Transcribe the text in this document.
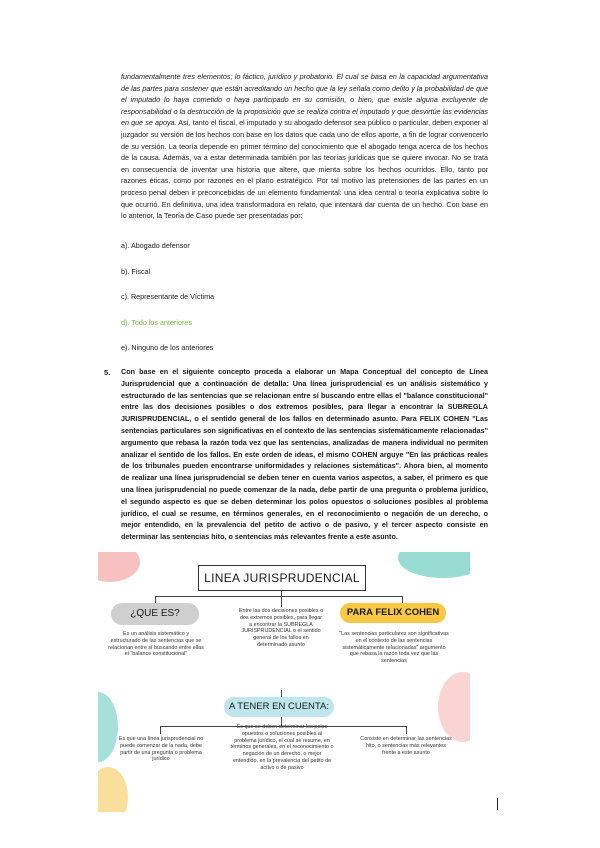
fundamentalmente tres elementos; lo fáctico, jurídico y probatorio. El cual se basa en la capacidad argumentativa de las partes para sostener que están acreditando un hecho que la ley señala como delito y la probabilidad de que el imputado lo haya cometido o haya participado en su comisión, o bien, que existe alguna excluyente de responsabilidad o la destrucción de la proposición que se realiza contra el imputado y que desvirtúe las evidencias en que se apoya. Así, tanto el fiscal, el imputado y su abogado defensor sea público o particular, deben exponer al juzgador su versión de los hechos con base en los datos que cada uno de ellos aporte, a fin de lograr convencerlo de su versión. La teoría depende en primer término del conocimiento que el abogado tenga acerca de los hechos de la causa. Además, va a estar determinada también por las teorías jurídicas que se quiere invocar. No se trata en consecuencia de inventar una historia que altere, que mienta sobre los hechos ocurridos. Ello, tanto por razones éticas, como por razones en el plano estratégico. Por tal motivo las pretensiones de las partes en un proceso penal deben ir preconcebidas de un elemento fundamental: una idea central o teoría explicativa sobre lo que ocurrió. En definitiva, una idea transformadora en relato, que intentará dar cuenta de un hecho. Con base en lo anterior, la Teoría de Caso puede ser presentadas por:

a). Abogado defensor

b). Fiscal

c). Representante de Víctima

d). Todo los anteriores

e). Ninguno de los anteriores

5. Con base en el siguiente concepto proceda a elaborar un Mapa Conceptual del concepto de Línea Jurisprudencial que a continuación de detalla: Una línea jurisprudencial es un análisis sistemático y estructurado de las sentencias que se relacionan entre sí buscando entre ellas el "balance constitucional" entre las dos decisiones posibles o dos extremos posibles, para llegar a encontrar la SUBREGLA JURISPRUDENCIAL, o el sentido general de los fallos en determinado asunto. Para FELIX COHEN "Las sentencias particulares son significativas en el contexto de las sentencias sistemáticamente relacionadas" argumento que rebasa la razón toda vez que las sentencias, analizadas de manera individual no permiten analizar el sentido de los fallos. En este orden de ideas, el mismo COHEN arguye "En las prácticas reales de los tribunales pueden encontrarse uniformidades y relaciones sistemáticas". Ahora bien, al momento de realizar una línea jurisprudencial se deben tener en cuenta varios aspectos, a saber, el primero es que una línea jurisprudencial no puede comenzar de la nada, debe partir de una pregunta o problema jurídico, el segundo aspecto es que se deben determinar los polos opuestos o soluciones posibles al problema jurídico, el cual se resume, en términos generales, en el reconocimiento o negación de un derecho, o mejor entendido, en la prevalencia del petito de activo o de pasivo, y el tercer aspecto consiste en determinar las sentencias hito, o sentencias más relevantes frente a este asunto.

LINEA JURISPRUDENCIAL
¿QUE ES?

Es un análisis sistemático y estructurado de las sentencias que se relacionan entre sí buscando entre ellas el "balance constitucional"

Entre las dos decisiones posibles o dos extremos posibles, para llegar a encontrar la SUBREGLA JURISPRUDENCIAL o el sentido general de los fallos en determinado asunto

PARA FELIX COHEN

"Las sentencias particulares son significativas en el contexto de las sentencias sistemáticamente relacionadas" argumento que rebasa la razón toda vez que las sentencias

A TENER EN CUENTA:

Es que una línea jurisprudencial no puede comenzar de la nada, debe partir de una pregunta o problema jurídico

Es que se deben determinar los polos opuestos o soluciones posibles al problema jurídico, el cual se resume, en términos generales, en el reconocimiento o negación de un derecho, o mejor entendido, en la prevalencia del petito de activo o de pasivo

Consiste en determinar las sentencias hito, o sentencias más relevantes frente a este asunto
